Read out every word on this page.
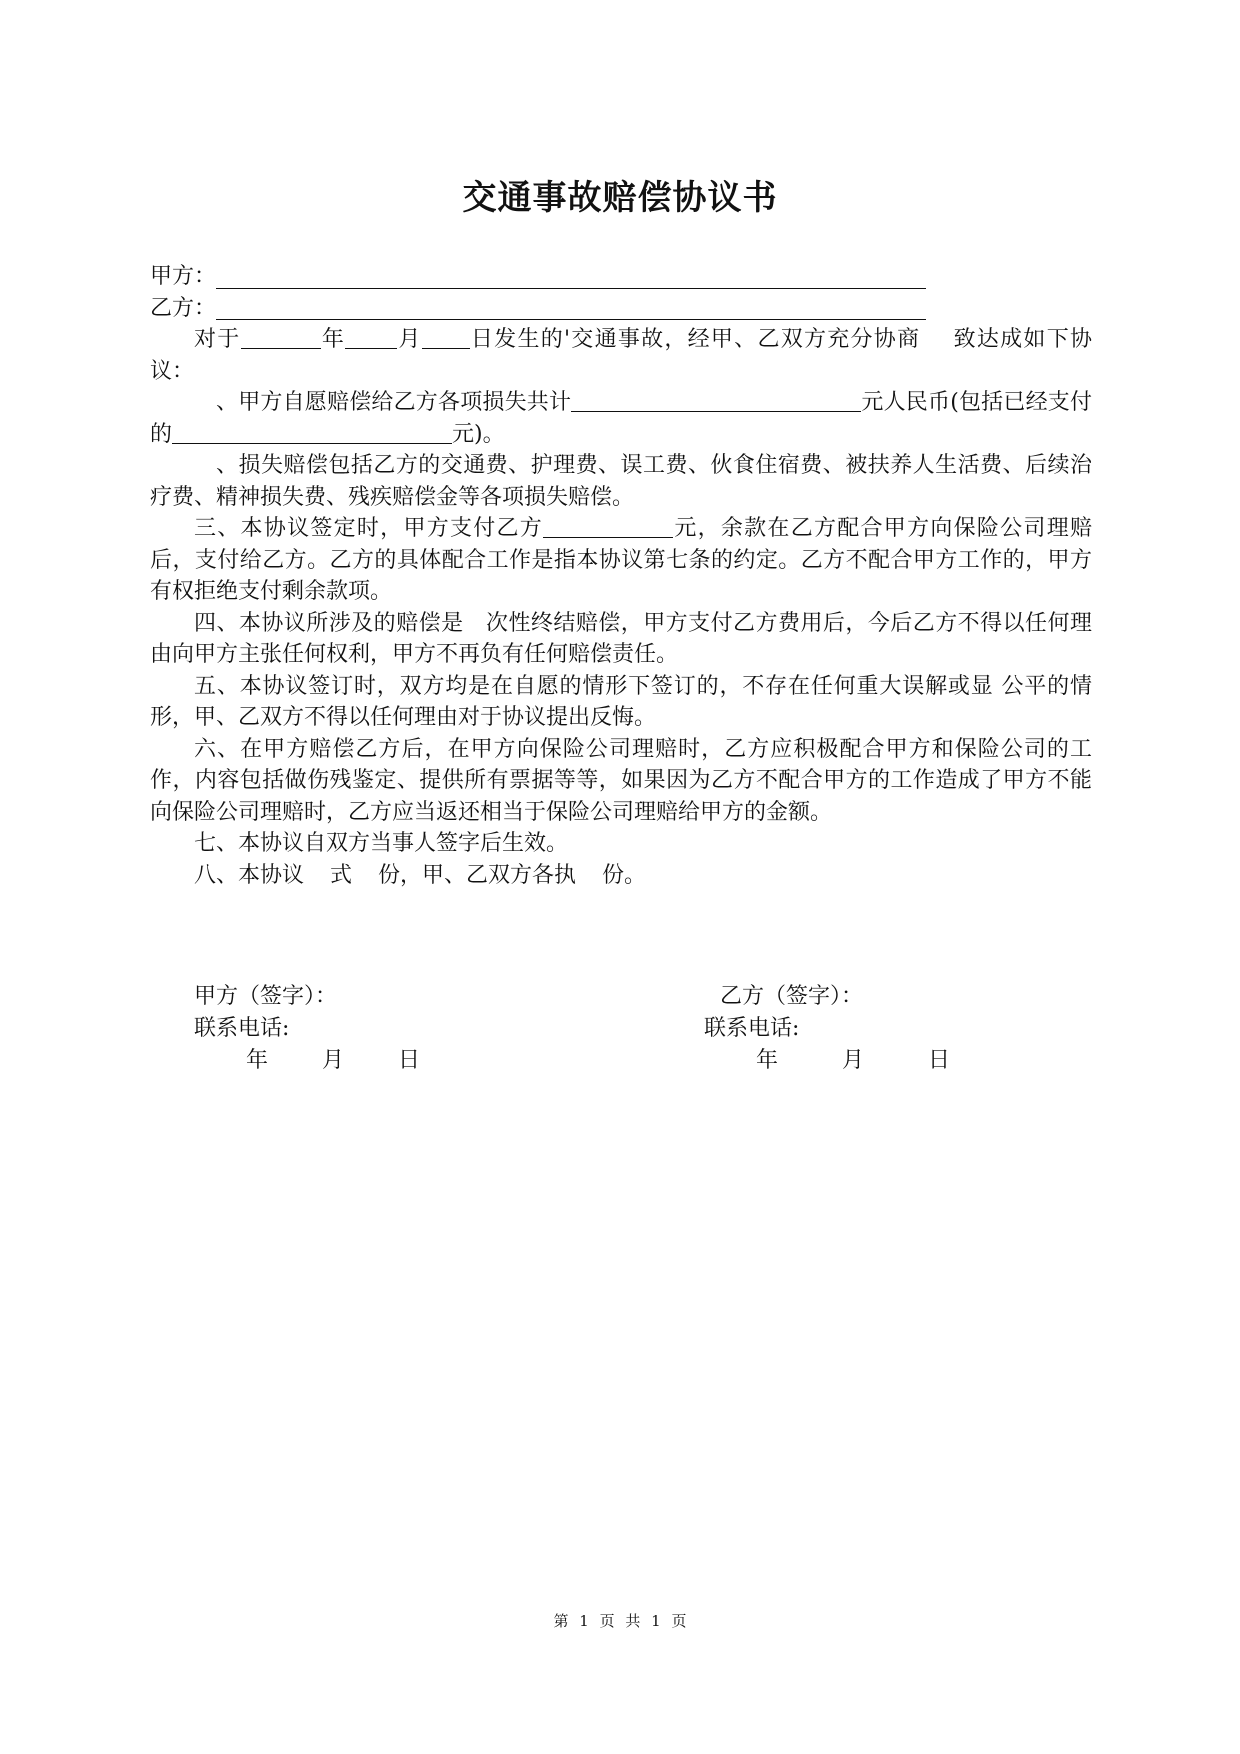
交通事故赔偿协议书

甲方：

乙方：

对于	年 月 日发生的'交通事故，经甲、乙双方充分协商 致达成如下协议：

、甲方自愿赔偿给乙方各项损失共计	元人民币(包括已经支付的	元)。

、损失赔偿包括乙方的交通费、护理费、误工费、伙食住宿费、被扶养人生活费、后续治疗费、精神损失费、残疾赔偿金等各项损失赔偿。

三、本协议签定时，甲方支付乙方	元，余款在乙方配合甲方向保险公司理赔后，支付给乙方。乙方的具体配合工作是指本协议第七条的约定。乙方不配合甲方工作的，甲方有权拒绝支付剩余款项。

四、本协议所涉及的赔偿是 次性终结赔偿，甲方支付乙方费用后，今后乙方不得以任何理由向甲方主张任何权利，甲方不再负有任何赔偿责任。

五、本协议签订时，双方均是在自愿的情形下签订的，不存在任何重大误解或显 公平的情形，甲、乙双方不得以任何理由对于协议提出反悔。

六、在甲方赔偿乙方后，在甲方向保险公司理赔时，乙方应积极配合甲方和保险公司的工作，内容包括做伤残鉴定、提供所有票据等等，如果因为乙方不配合甲方的工作造成了甲方不能向保险公司理赔时，乙方应当返还相当于保险公司理赔给甲方的金额。

七、本协议自双方当事人签字后生效。

八、本协议 式 份，甲、乙双方各执 份。

甲方（签字）：
联系电话:
年 月 日
乙方（签字）：
联系电话:
年	月	日
第 1 页 共 1 页
